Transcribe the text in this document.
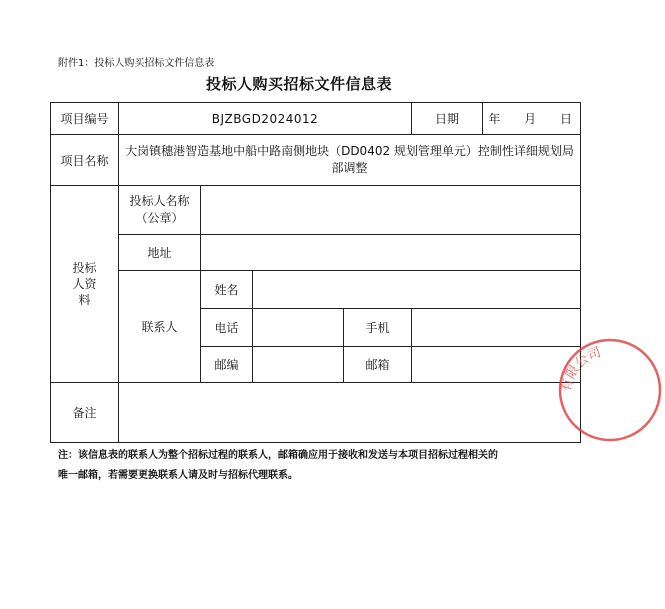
附件1：投标人购买招标文件信息表
投标人购买招标文件信息表
项目编号	BJZBGD2024012				日期	年 月 日
项目名称	大岗镇穗港智造基地中船中路南侧地块（DD0402 规划管理单元）控制性详细规划局部调整					
投标人资料	投标人名称
（公章）					

	地址					
	联系人	姓名				
		电话		手机		
		邮编		邮箱		
备注						
注：该信息表的联系人为整个招标过程的联系人，邮箱确应用于接收和发送与本项目招标过程相关的唯一邮箱，若需要更换联系人请及时与招标代理联系。
有限公司
